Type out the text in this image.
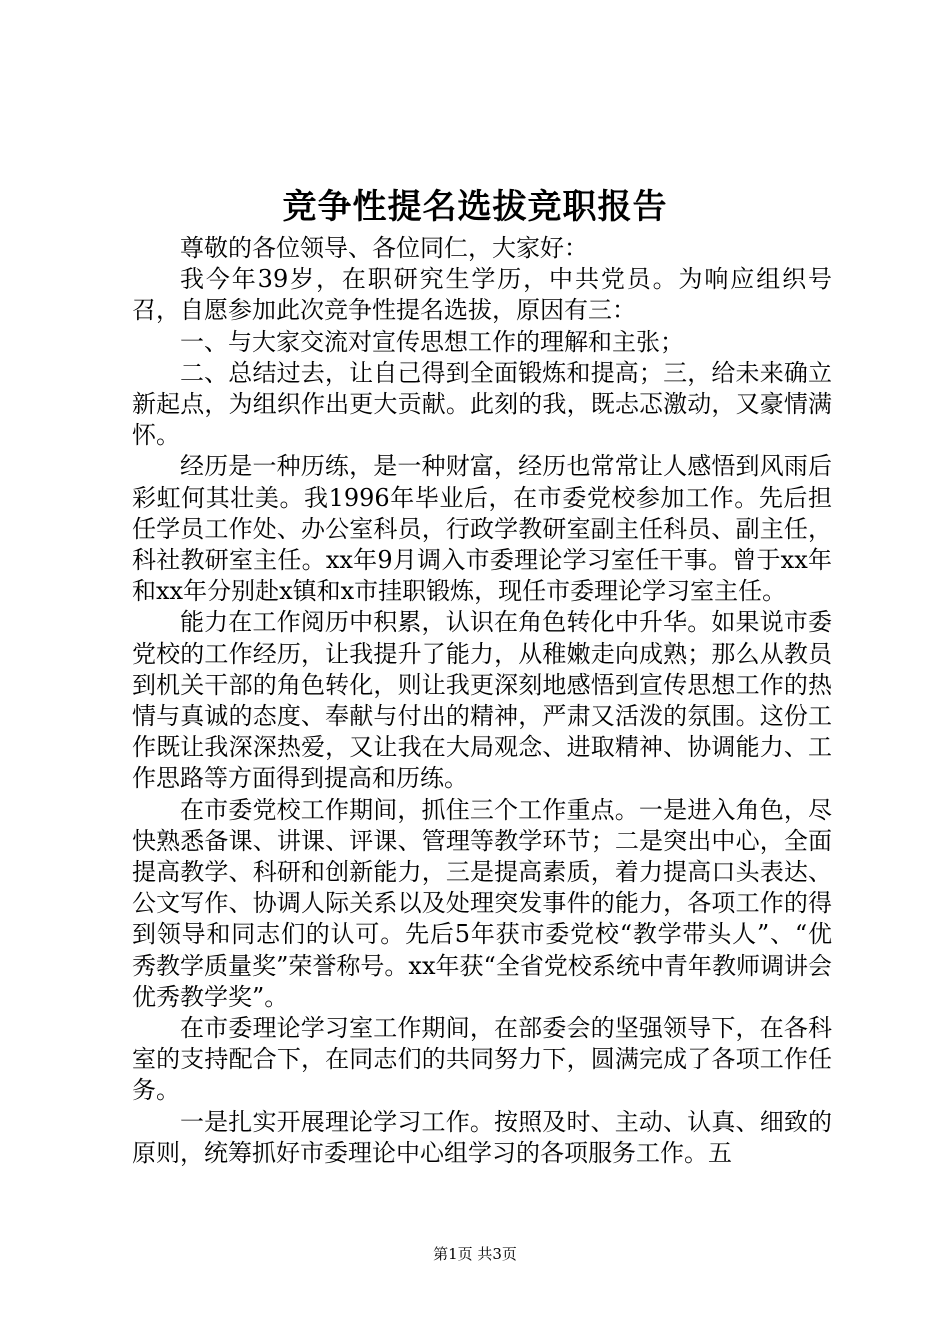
竞争性提名选拔竞职报告

尊敬的各位领导、各位同仁，大家好：

我今年39岁，在职研究生学历，中共党员。为响应组织号召，自愿参加此次竞争性提名选拔，原因有三：

一、与大家交流对宣传思想工作的理解和主张；

二、总结过去，让自己得到全面锻炼和提高；三，给未来确立新起点，为组织作出更大贡献。此刻的我，既忐忑激动，又豪情满怀。

经历是一种历练，是一种财富，经历也常常让人感悟到风雨后彩虹何其壮美。我1996年毕业后，在市委党校参加工作。先后担任学员工作处、办公室科员，行政学教研室副主任科员、副主任，科社教研室主任。xx年9月调入市委理论学习室任干事。曾于xx年和xx年分别赴x镇和x市挂职锻炼，现任市委理论学习室主任。

能力在工作阅历中积累，认识在角色转化中升华。如果说市委党校的工作经历，让我提升了能力，从稚嫩走向成熟；那么从教员到机关干部的角色转化，则让我更深刻地感悟到宣传思想工作的热情与真诚的态度、奉献与付出的精神，严肃又活泼的氛围。这份工作既让我深深热爱，又让我在大局观念、进取精神、协调能力、工作思路等方面得到提高和历练。

在市委党校工作期间，抓住三个工作重点。一是进入角色，尽快熟悉备课、讲课、评课、管理等教学环节；二是突出中心，全面提高教学、科研和创新能力，三是提高素质，着力提高口头表达、公文写作、协调人际关系以及处理突发事件的能力，各项工作的得到领导和同志们的认可。先后5年获市委党校“教学带头人”、“优秀教学质量奖”荣誉称号。xx年获“全省党校系统中青年教师调讲会优秀教学奖”。

在市委理论学习室工作期间，在部委会的坚强领导下，在各科室的支持配合下，在同志们的共同努力下，圆满完成了各项工作任务。

一是扎实开展理论学习工作。按照及时、主动、认真、细致的原则，统筹抓好市委理论中心组学习的各项服务工作。五

第1页 共3页
